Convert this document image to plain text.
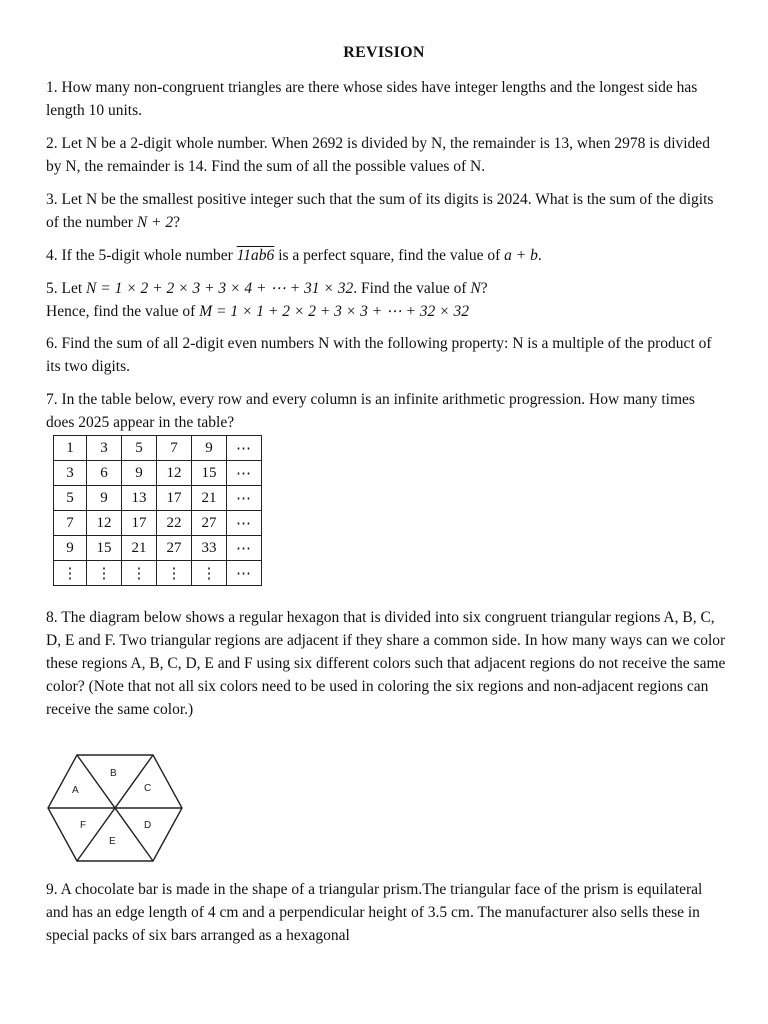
REVISION

1. How many non-congruent triangles are there whose sides have integer lengths and the longest side has length 10 units.

2. Let N be a 2-digit whole number. When 2692 is divided by N, the remainder is 13, when 2978 is divided by N, the remainder is 14. Find the sum of all the possible values of N.

3. Let N be the smallest positive integer such that the sum of its digits is 2024. What is the sum of the digits of the number N + 2?

4. If the 5-digit whole number 11ab6 is a perfect square, find the value of a + b.

5. Let N = 1 × 2 + 2 × 3 + 3 × 4 + ⋯ + 31 × 32. Find the value of N?
Hence, find the value of M = 1 × 1 + 2 × 2 + 3 × 3 + ⋯ + 32 × 32

6. Find the sum of all 2-digit even numbers N with the following property: N is a multiple of the product of its two digits.

7. In the table below, every row and every column is an infinite arithmetic progression. How many times does 2025 appear in the table?

1	3	5	7	9	⋯
3	6	9	12	15	⋯
5	9	13	17	21	⋯
7	12	17	22	27	⋯
9	15	21	27	33	⋯
⋮	⋮	⋮	⋮	⋮	⋯

8. The diagram below shows a regular hexagon that is divided into six congruent triangular regions A, B, C, D, E and F. Two triangular regions are adjacent if they share a common side. In how many ways can we color these regions A, B, C, D, E and F using six different colors such that adjacent regions do not receive the same color? (Note that not all six colors need to be used in coloring the six regions and non-adjacent regions can receive the same color.)

B
C
A
F	D
E

9. A chocolate bar is made in the shape of a triangular prism.The triangular face of the prism is equilateral and has an edge length of 4 cm and a perpendicular height of 3.5 cm. The manufacturer also sells these in special packs of six bars arranged as a hexagonal
